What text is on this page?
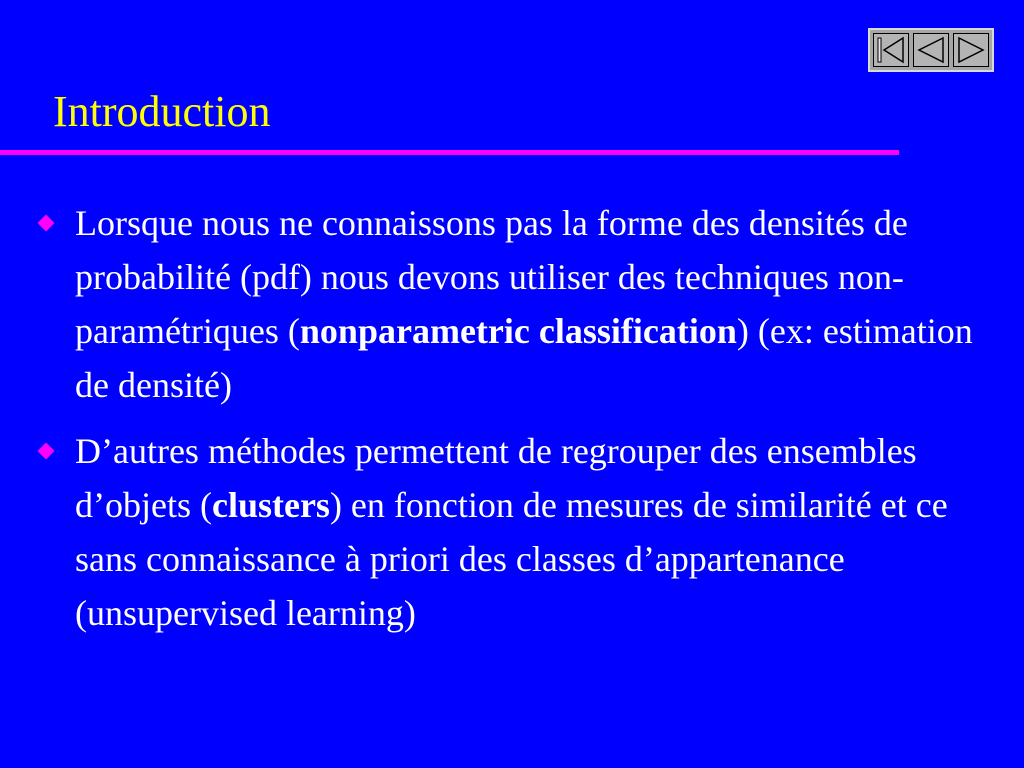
Introduction
Lorsque nous ne connaissons pas la forme des densités de probabilité (pdf) nous devons utiliser des techniques non-paramétriques (nonparametric classification) (ex: estimation de densité)
D’autres méthodes permettent de regrouper des ensembles d’objets (clusters) en fonction de mesures de similarité et ce sans connaissance à priori des classes d’appartenance (unsupervised learning)
